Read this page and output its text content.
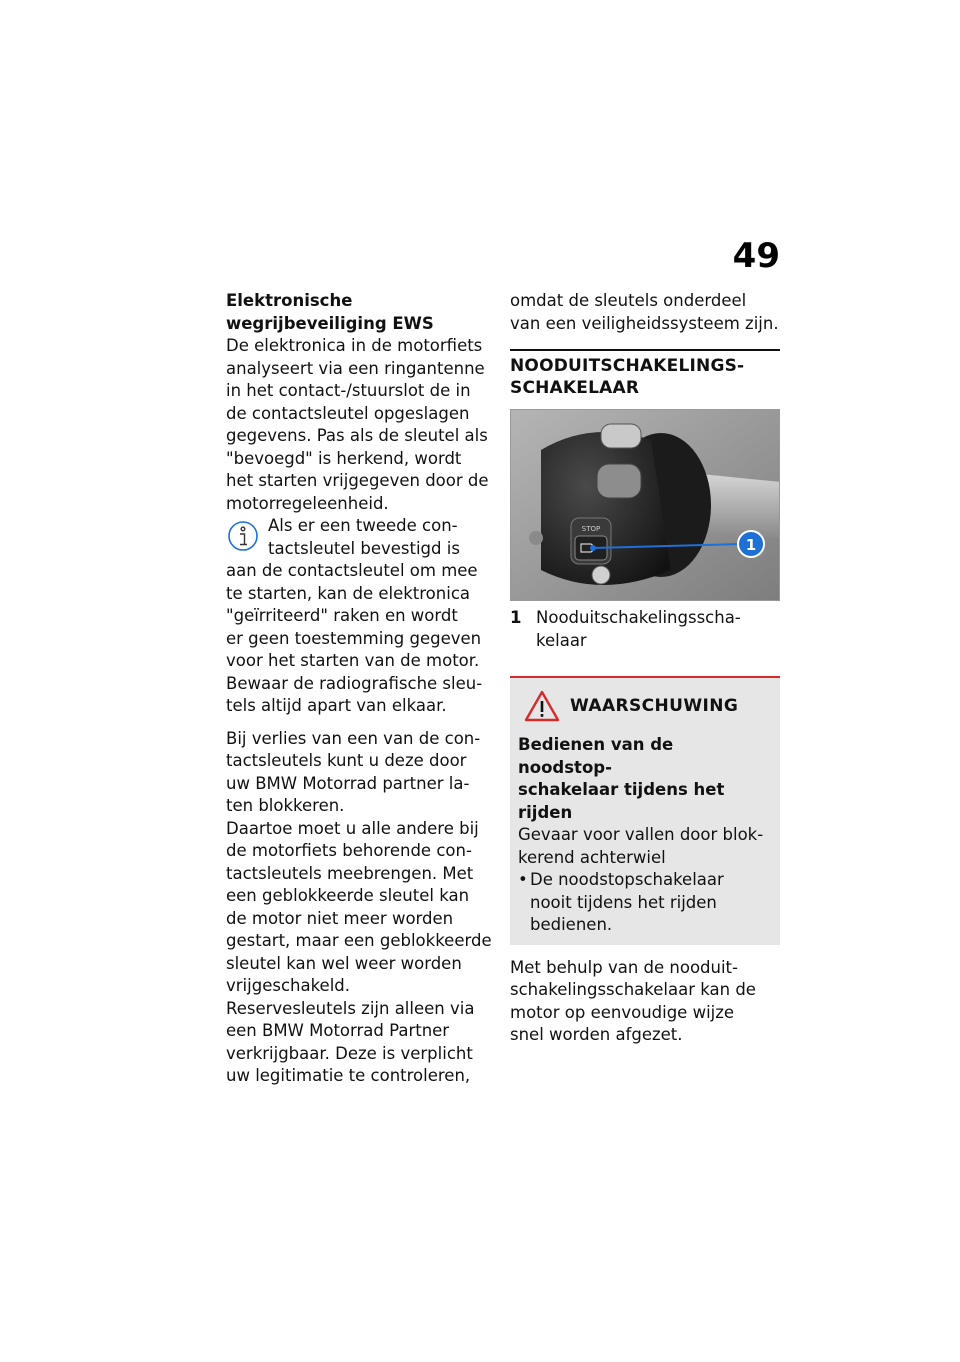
49

Elektronische
wegrijbeveiliging EWS

De elektronica in de motorfiets
analyseert via een ringantenne
in het contact-/stuurslot de in
de contactsleutel opgeslagen
gegevens. Pas als de sleutel als
"bevoegd" is herkend, wordt
het starten vrijgegeven door de
motorregeleenheid.

Als er een tweede con-
tactsleutel bevestigd is

aan de contactsleutel om mee
te starten, kan de elektronica
"geïrriteerd" raken en wordt
er geen toestemming gegeven
voor het starten van de motor.
Bewaar de radiografische sleu-
tels altijd apart van elkaar.

Bij verlies van een van de con-
tactsleutels kunt u deze door
uw BMW Motorrad partner la-
ten blokkeren.
Daartoe moet u alle andere bij
de motorfiets behorende con-
tactsleutels meebrengen. Met
een geblokkeerde sleutel kan
de motor niet meer worden
gestart, maar een geblokkeerde
sleutel kan wel weer worden
vrijgeschakeld.
Reservesleutels zijn alleen via
een BMW Motorrad Partner
verkrijgbaar. Deze is verplicht
uw legitimatie te controleren,

omdat de sleutels onderdeel
van een veiligheidssysteem zijn.

NOODUITSCHAKELINGS-
SCHAKELAAR

STOP
1
1 Nooduitschakelingsscha-
kelaar
WAARSCHUWING

Bedienen van de noodstop-
schakelaar tijdens het rijden

Gevaar voor vallen door blok-
kerend achterwiel

• De noodstopschakelaar
nooit tijdens het rijden
bedienen.

Met behulp van de nooduit-
schakelingsschakelaar kan de
motor op eenvoudige wijze
snel worden afgezet.
